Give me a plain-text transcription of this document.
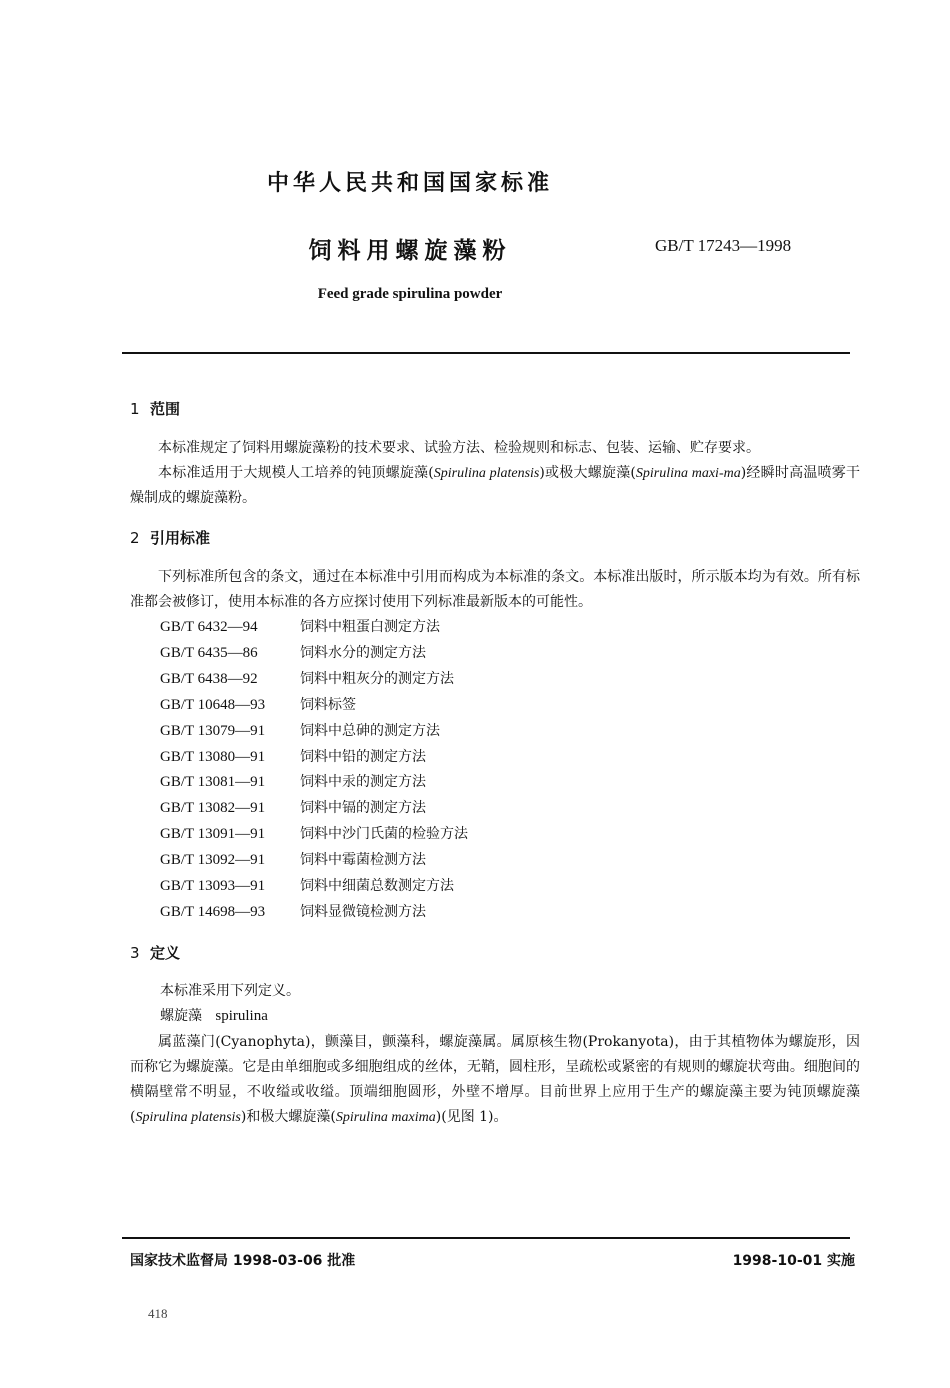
中华人民共和国国家标准
饲料用螺旋藻粉	GB/T 17243—1998
Feed grade spirulina powder
1 范围
本标准规定了饲料用螺旋藻粉的技术要求、试验方法、检验规则和标志、包装、运输、贮存要求。
本标准适用于大规模人工培养的钝顶螺旋藻(Spirulina platensis)或极大螺旋藻(Spirulina maxi-ma)经瞬时高温喷雾干燥制成的螺旋藻粉。
2 引用标准
下列标准所包含的条文，通过在本标准中引用而构成为本标准的条文。本标准出版时，所示版本均为有效。所有标准都会被修订，使用本标准的各方应探讨使用下列标准最新版本的可能性。
GB/T 6432—94	饲料中粗蛋白测定方法
GB/T 6435—86	饲料水分的测定方法
GB/T 6438—92	饲料中粗灰分的测定方法
GB/T 10648—93 饲料标签
GB/T 13079—91 饲料中总砷的测定方法
GB/T 13080—91 饲料中铅的测定方法
GB/T 13081—91 饲料中汞的测定方法
GB/T 13082—91 饲料中镉的测定方法
GB/T 13091—91 饲料中沙门氏菌的检验方法
GB/T 13092—91 饲料中霉菌检测方法
GB/T 13093—91 饲料中细菌总数测定方法
GB/T 14698—93 饲料显微镜检测方法
3 定义
本标准采用下列定义。
螺旋藻 spirulina
属蓝藻门(Cyanophyta)，颤藻目，颤藻科，螺旋藻属。属原核生物(Prokanyota)，由于其植物体为螺旋形，因而称它为螺旋藻。它是由单细胞或多细胞组成的丝体，无鞘，圆柱形，呈疏松或紧密的有规则的螺旋状弯曲。细胞间的横隔壁常不明显，不收缢或收缢。顶端细胞圆形，外壁不增厚。目前世界上应用于生产的螺旋藻主要为钝顶螺旋藻(Spirulina platensis)和极大螺旋藻(Spirulina maxima)(见图 1)。
国家技术监督局 1998-03-06 批准	1998-10-01 实施
418
